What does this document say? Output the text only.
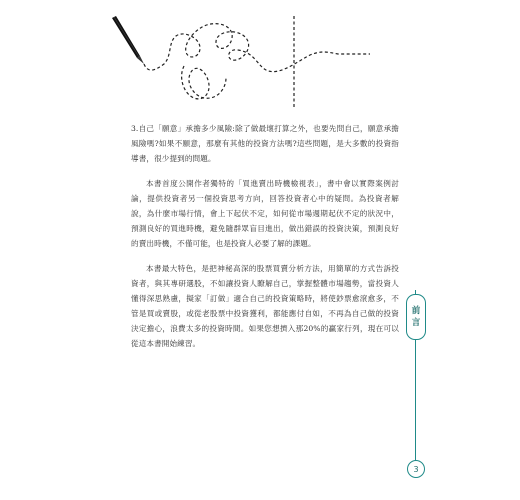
3.自己「願意」承擔多少風險:除了做最壞打算之外，也要先問自己，願意承擔風險嗎?如果不願意，那麼有其他的投資方法嗎?這些問題，是大多數的投資指導書，很少提到的問題。

本書首度公開作者獨特的「買進賣出時機檢視表」，書中會以實際案例討論，提供投資者另一個投資思考方向，回答投資者心中的疑問。為投資者解說，為什麼市場行情，會上下起伏不定，如何從市場週期起伏不定的狀況中，預測良好的買進時機，避免隨群眾盲目進出，做出錯誤的投資決策，預測良好的賣出時機，不僅可能，也是投資人必要了解的課題。

本書最大特色，是把神秘高深的股票買賣分析方法，用簡單的方式告訴投資者，與其專研選股，不如讓投資人瞭解自己，掌握整體市場趨勢，當投資人懂得深思熟慮，擬家「訂做」適合自己的投資策略時，將使鈔票愈滾愈多，不管是買或賣股，或從老股票中投資獲利，都能應付自如，不再為自己做的投資決定擔心，浪費太多的投資時間。如果您想擠入那20%的贏家行列，現在可以從這本書開始練習。

前
言
3
